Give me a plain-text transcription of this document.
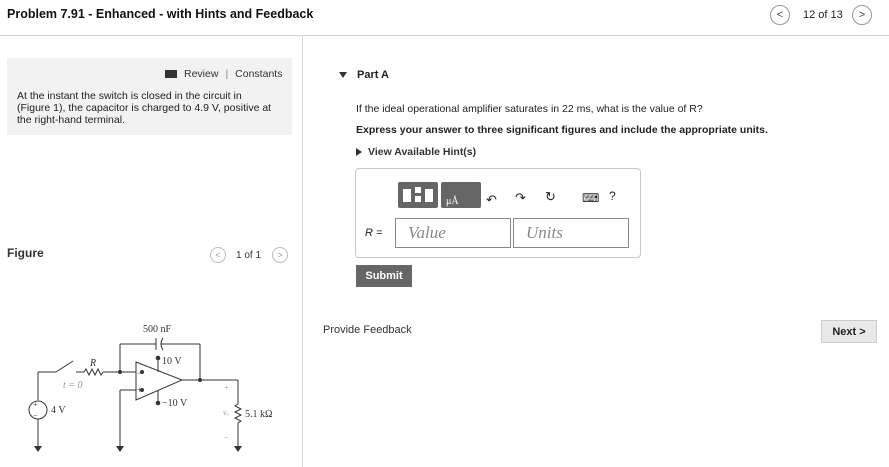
Problem 7.91 - Enhanced - with Hints and Feedback	< 12 of 13 >
Review | Constants
At the instant the switch is closed in the circuit in
(Figure 1), the capacitor is charged to 4.9 V, positive at
the right-hand terminal.
Figure	< 1 of 1 >
500 nF
10 V
−10 V
R
t = 0
4 V
+
−
−
+	+
vₒ
−
5.1 kΩ
Part A
If the ideal operational amplifier saturates in 22 ms, what is the value of R?
Express your answer to three significant figures and include the appropriate units.
View Available Hint(s)
μÅ ↶ ↷ ↻ ⌨ ?
R =	Value	Units
Submit
Provide Feedback	Next >
